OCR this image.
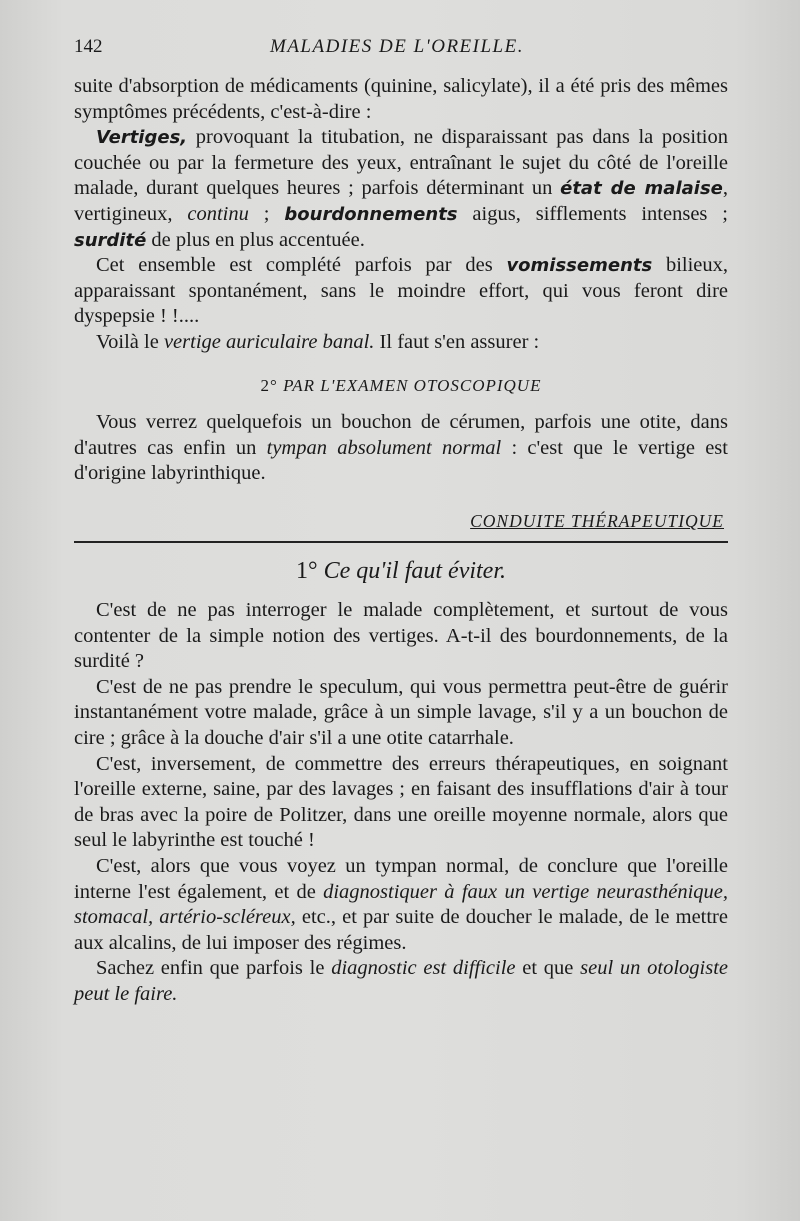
142	MALADIES DE L'OREILLE.

suite d'absorption de médicaments (quinine, salicylate), il a été pris des mêmes symptômes précédents, c'est-à-dire :

Vertiges, provoquant la titubation, ne disparaissant pas dans la position couchée ou par la fermeture des yeux, entraînant le sujet du côté de l'oreille malade, durant quelques heures ; parfois déterminant un état de malaise, vertigineux, continu ; bourdonnements aigus, sifflements intenses ; surdité de plus en plus accentuée.

Cet ensemble est complété parfois par des vomissements bilieux, apparaissant spontanément, sans le moindre effort, qui vous feront dire dyspepsie ! !....

Voilà le vertige auriculaire banal. Il faut s'en assurer :

2° PAR L'EXAMEN OTOSCOPIQUE

Vous verrez quelquefois un bouchon de cérumen, parfois une otite, dans d'autres cas enfin un tympan absolument normal : c'est que le vertige est d'origine labyrinthique.

CONDUITE THÉRAPEUTIQUE

1° Ce qu'il faut éviter.

C'est de ne pas interroger le malade complètement, et surtout de vous contenter de la simple notion des vertiges. A-t-il des bourdonnements, de la surdité ?

C'est de ne pas prendre le speculum, qui vous permettra peut-être de guérir instantanément votre malade, grâce à un simple lavage, s'il y a un bouchon de cire ; grâce à la douche d'air s'il a une otite catarrhale.

C'est, inversement, de commettre des erreurs thérapeutiques, en soignant l'oreille externe, saine, par des lavages ; en faisant des insufflations d'air à tour de bras avec la poire de Politzer, dans une oreille moyenne normale, alors que seul le labyrinthe est touché !

C'est, alors que vous voyez un tympan normal, de conclure que l'oreille interne l'est également, et de diagnostiquer à faux un vertige neurasthénique, stomacal, artério-scléreux, etc., et par suite de doucher le malade, de le mettre aux alcalins, de lui imposer des régimes.

Sachez enfin que parfois le diagnostic est difficile et que seul un otologiste peut le faire.
